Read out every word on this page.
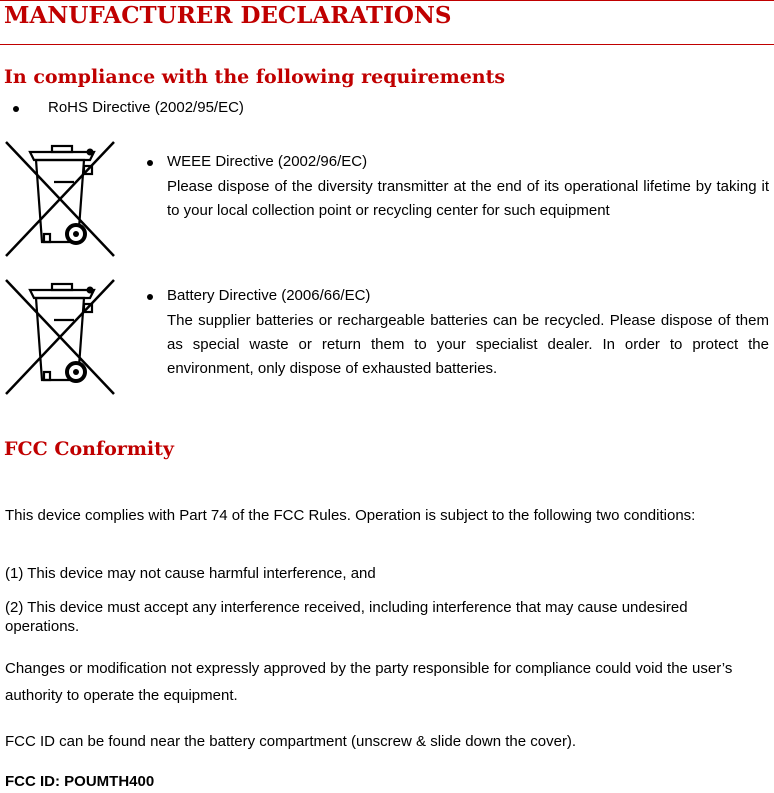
MANUFACTURER DECLARATIONS
In compliance with the following requirements
RoHS Directive (2002/95/EC)
WEEE Directive (2002/96/EC)
Please dispose of the diversity transmitter at the end of its operational lifetime by taking it to your local collection point or recycling center for such equipment
Battery Directive (2006/66/EC)
The supplier batteries or rechargeable batteries can be recycled. Please dispose of them as special waste or return them to your specialist dealer. In order to protect the environment, only dispose of exhausted batteries.
FCC Conformity
This device complies with Part 74 of the FCC Rules. Operation is subject to the following two conditions:
(1) This device may not cause harmful interference, and
(2) This device must accept any interference received, including interference that may cause undesired operations.
Changes or modification not expressly approved by the party responsible for compliance could void the user’s authority to operate the equipment.
FCC ID can be found near the battery compartment (unscrew & slide down the cover).
FCC ID: POUMTH400
